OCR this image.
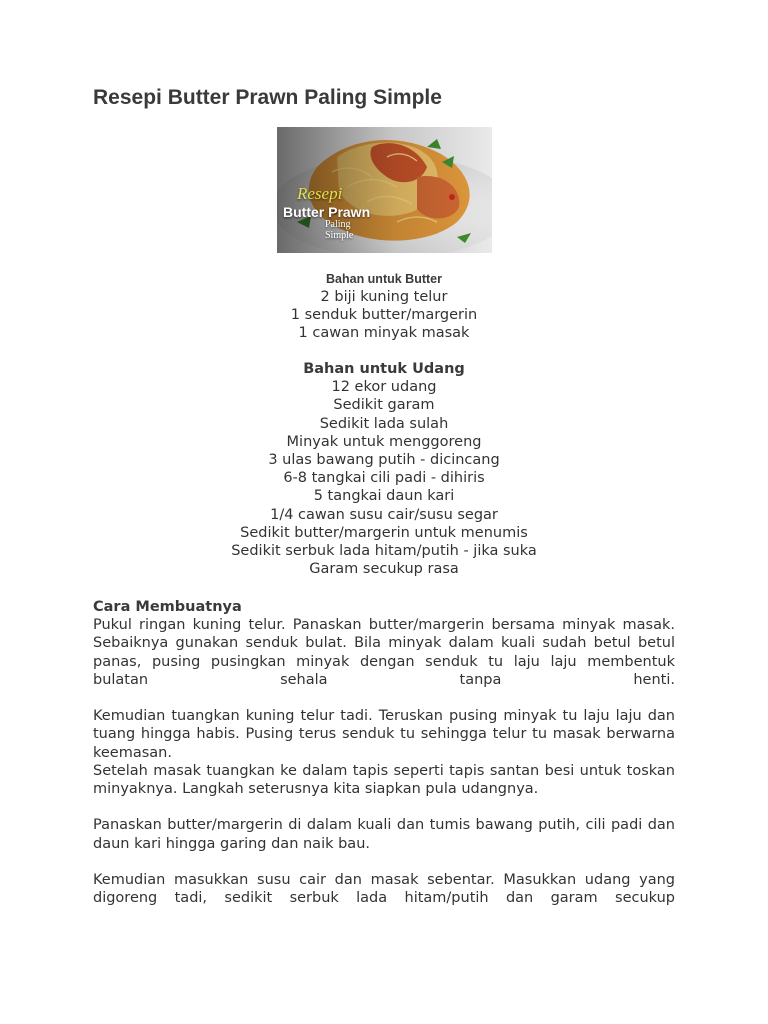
Resepi Butter Prawn Paling Simple
Resepi
Butter Prawn
Paling
Simple
Bahan untuk Butter
2 biji kuning telur
1 senduk butter/margerin
1 cawan minyak masak
Bahan untuk Udang
12 ekor udang
Sedikit garam
Sedikit lada sulah
Minyak untuk menggoreng
3 ulas bawang putih - dicincang
6-8 tangkai cili padi - dihiris
5 tangkai daun kari
1/4 cawan susu cair/susu segar
Sedikit butter/margerin untuk menumis
Sedikit serbuk lada hitam/putih - jika suka
Garam secukup rasa
Cara Membuatnya

Pukul ringan kuning telur. Panaskan butter/margerin bersama minyak masak. Sebaiknya gunakan senduk bulat. Bila minyak dalam kuali sudah betul betul panas, pusing pusingkan minyak dengan senduk tu laju laju membentuk bulatan sehala tanpa henti.

Kemudian tuangkan kuning telur tadi. Teruskan pusing minyak tu laju laju dan tuang hingga habis. Pusing terus senduk tu sehingga telur tu masak berwarna keemasan.

Setelah masak tuangkan ke dalam tapis seperti tapis santan besi untuk toskan minyaknya. Langkah seterusnya kita siapkan pula udangnya.

Panaskan butter/margerin di dalam kuali dan tumis bawang putih, cili padi dan daun kari hingga garing dan naik bau.

Kemudian masukkan susu cair dan masak sebentar. Masukkan udang yang digoreng tadi, sedikit serbuk lada hitam/putih dan garam secukup
